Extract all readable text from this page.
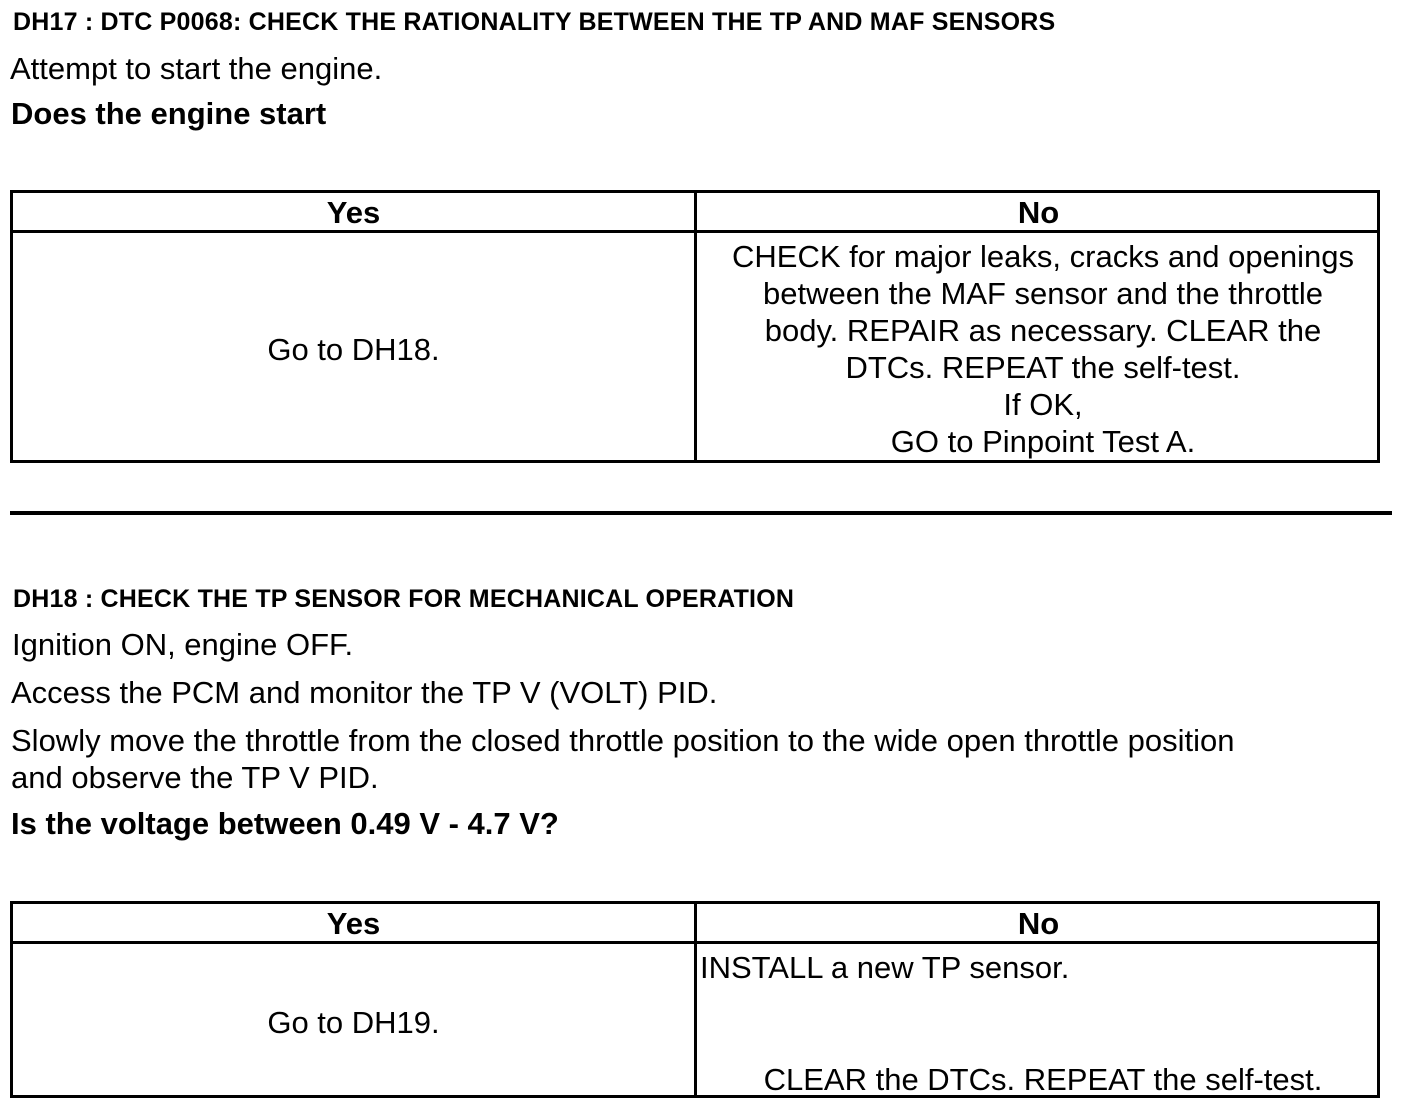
DH17 : DTC P0068: CHECK THE RATIONALITY BETWEEN THE TP AND MAF SENSORS
Attempt to start the engine.
Does the engine start
Yes	No
Go to DH18.
CHECK for major leaks, cracks and openings
between the MAF sensor and the throttle
body. REPAIR as necessary. CLEAR the
DTCs. REPEAT the self-test.
If OK,
GO to Pinpoint Test A.
DH18 : CHECK THE TP SENSOR FOR MECHANICAL OPERATION
Ignition ON, engine OFF.
Access the PCM and monitor the TP V (VOLT) PID.
Slowly move the throttle from the closed throttle position to the wide open throttle position
and observe the TP V PID.
Is the voltage between 0.49 V - 4.7 V?
Yes	No
Go to DH19.
INSTALL a new TP sensor.
CLEAR the DTCs. REPEAT the self-test.
